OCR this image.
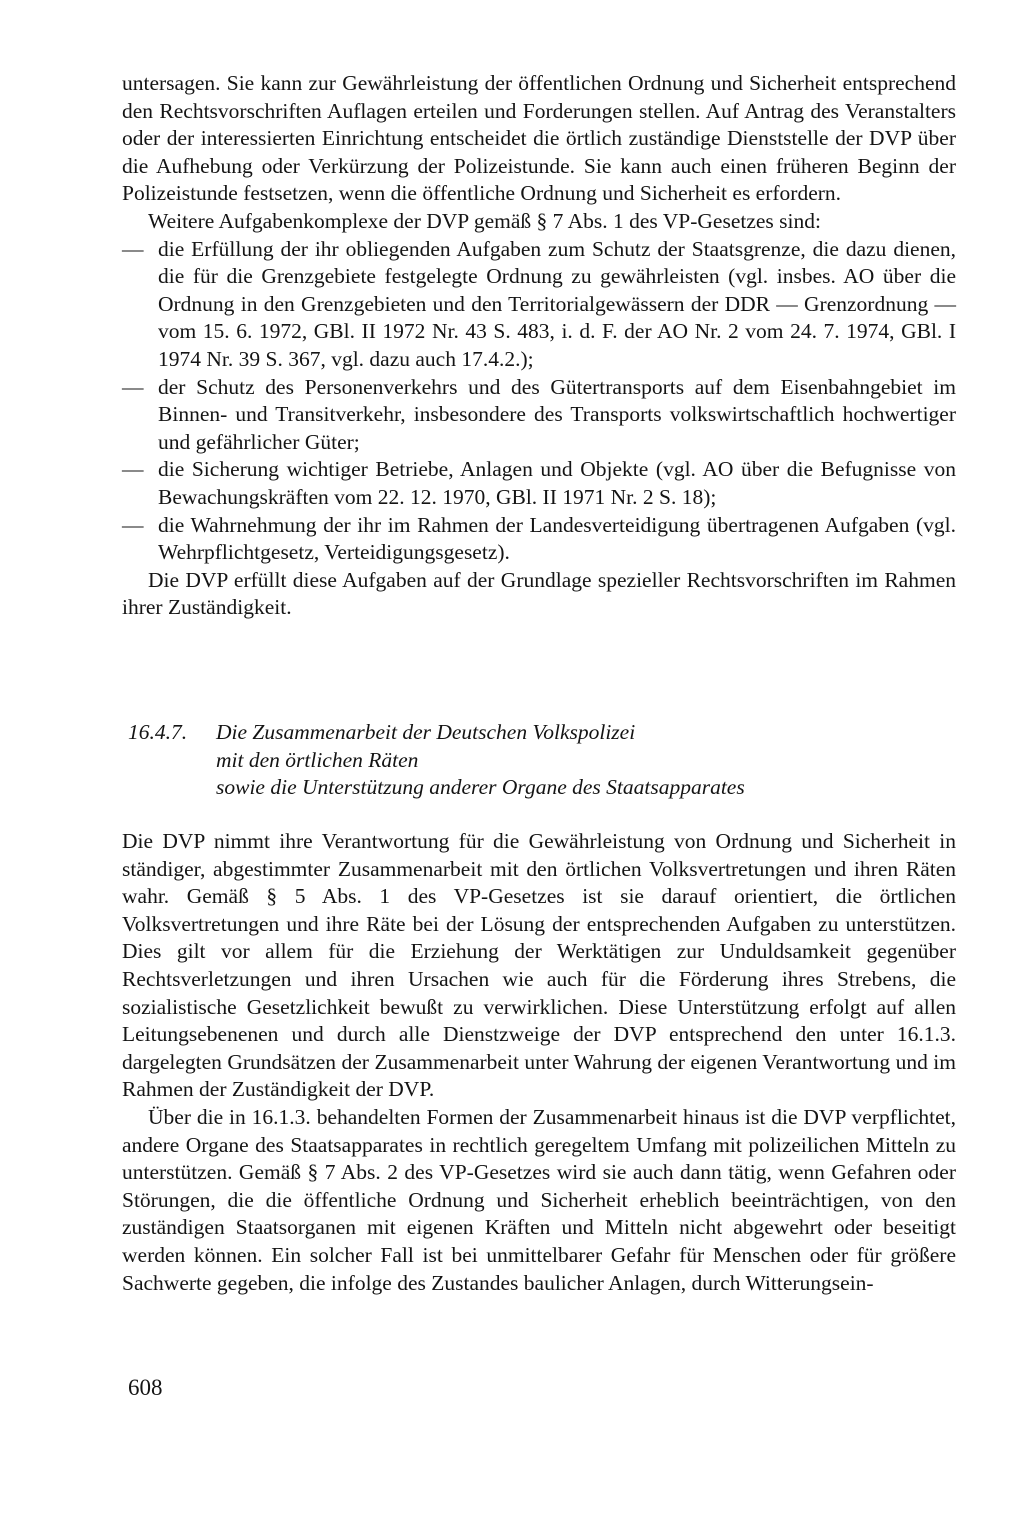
untersagen. Sie kann zur Gewährleistung der öffentlichen Ordnung und Sicherheit entsprechend den Rechtsvorschriften Auflagen erteilen und Forderungen stellen. Auf Antrag des Veranstalters oder der interessierten Einrichtung entscheidet die örtlich zuständige Dienststelle der DVP über die Aufhebung oder Verkürzung der Polizeistunde. Sie kann auch einen früheren Beginn der Polizeistunde festsetzen, wenn die öffentliche Ordnung und Sicherheit es erfordern.

Weitere Aufgabenkomplexe der DVP gemäß § 7 Abs. 1 des VP-Gesetzes sind:

— die Erfüllung der ihr obliegenden Aufgaben zum Schutz der Staatsgrenze, die dazu dienen, die für die Grenzgebiete festgelegte Ordnung zu gewährleisten (vgl. insbes. AO über die Ordnung in den Grenzgebieten und den Territorialgewässern der DDR — Grenzordnung — vom 15. 6. 1972, GBl. II 1972 Nr. 43 S. 483, i. d. F. der AO Nr. 2 vom 24. 7. 1974, GBl. I 1974 Nr. 39 S. 367, vgl. dazu auch 17.4.2.);
— der Schutz des Personenverkehrs und des Gütertransports auf dem Eisenbahngebiet im Binnen- und Transitverkehr, insbesondere des Transports volkswirtschaftlich hochwertiger und gefährlicher Güter;
— die Sicherung wichtiger Betriebe, Anlagen und Objekte (vgl. AO über die Befugnisse von Bewachungskräften vom 22. 12. 1970, GBl. II 1971 Nr. 2 S. 18);
— die Wahrnehmung der ihr im Rahmen der Landesverteidigung übertragenen Aufgaben (vgl. Wehrpflichtgesetz, Verteidigungsgesetz).

Die DVP erfüllt diese Aufgaben auf der Grundlage spezieller Rechtsvorschriften im Rahmen ihrer Zuständigkeit.

16.4.7. Die Zusammenarbeit der Deutschen Volkspolizei
mit den örtlichen Räten
sowie die Unterstützung anderer Organe des Staatsapparates

Die DVP nimmt ihre Verantwortung für die Gewährleistung von Ordnung und Sicherheit in ständiger, abgestimmter Zusammenarbeit mit den örtlichen Volksvertretungen und ihren Räten wahr. Gemäß § 5 Abs. 1 des VP-Gesetzes ist sie darauf orientiert, die örtlichen Volksvertretungen und ihre Räte bei der Lösung der entsprechenden Aufgaben zu unterstützen. Dies gilt vor allem für die Erziehung der Werktätigen zur Unduldsamkeit gegenüber Rechtsverletzungen und ihren Ursachen wie auch für die Förderung ihres Strebens, die sozialistische Gesetzlichkeit bewußt zu verwirklichen. Diese Unterstützung erfolgt auf allen Leitungsebenenen und durch alle Dienstzweige der DVP entsprechend den unter 16.1.3. dargelegten Grundsätzen der Zusammenarbeit unter Wahrung der eigenen Verantwortung und im Rahmen der Zuständigkeit der DVP.

Über die in 16.1.3. behandelten Formen der Zusammenarbeit hinaus ist die DVP verpflichtet, andere Organe des Staatsapparates in rechtlich geregeltem Umfang mit polizeilichen Mitteln zu unterstützen. Gemäß § 7 Abs. 2 des VP-Gesetzes wird sie auch dann tätig, wenn Gefahren oder Störungen, die die öffentliche Ordnung und Sicherheit erheblich beeinträchtigen, von den zuständigen Staatsorganen mit eigenen Kräften und Mitteln nicht abgewehrt oder beseitigt werden können. Ein solcher Fall ist bei unmittelbarer Gefahr für Menschen oder für größere Sachwerte gegeben, die infolge des Zustandes baulicher Anlagen, durch Witterungsein-

608
